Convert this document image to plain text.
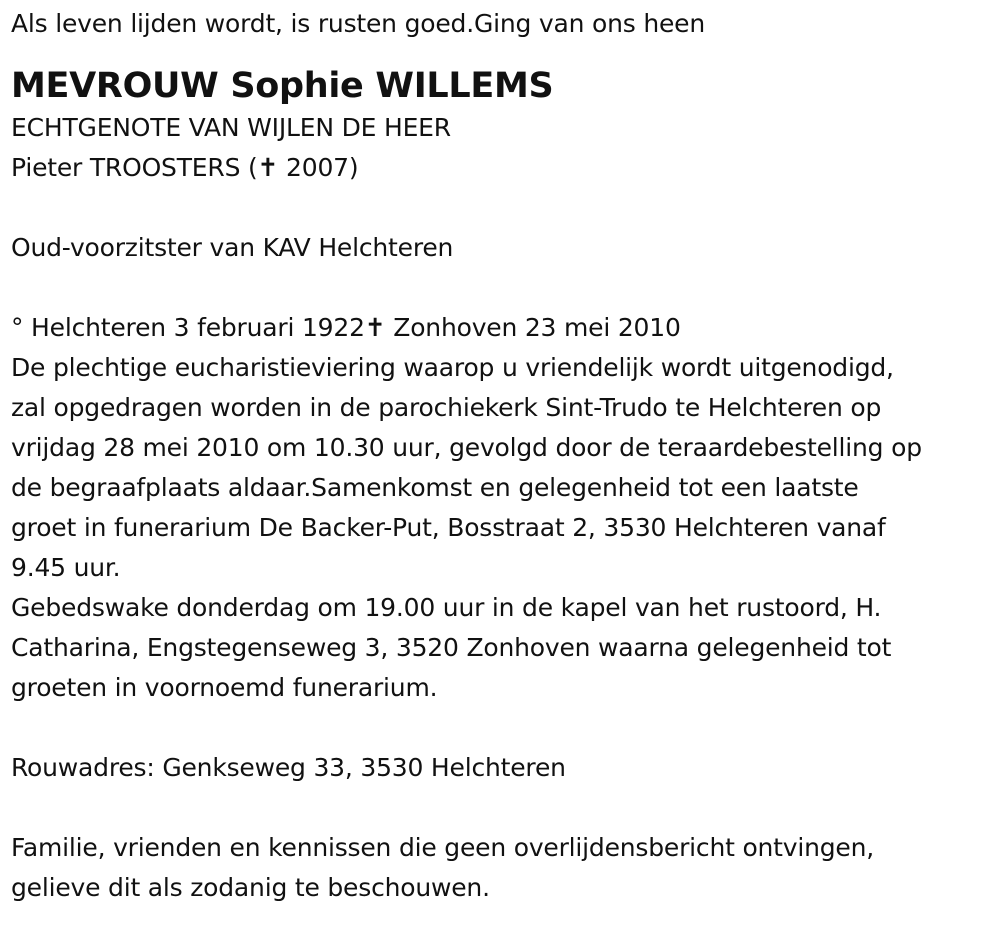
Als leven lijden wordt, is rusten goed.Ging van ons heen
MEVROUW Sophie WILLEMS
ECHTGENOTE VAN WIJLEN DE HEER
Pieter TROOSTERS (✝ 2007)
Oud-voorzitster van KAV Helchteren
° Helchteren 3 februari 1922✝ Zonhoven 23 mei 2010
De plechtige eucharistieviering waarop u vriendelijk wordt uitgenodigd,
zal opgedragen worden in de parochiekerk Sint-Trudo te Helchteren op
vrijdag 28 mei 2010 om 10.30 uur, gevolgd door de teraardebestelling op
de begraafplaats aldaar.Samenkomst en gelegenheid tot een laatste
groet in funerarium De Backer-Put, Bosstraat 2, 3530 Helchteren vanaf
9.45 uur.
Gebedswake donderdag om 19.00 uur in de kapel van het rustoord, H.
Catharina, Engstegenseweg 3, 3520 Zonhoven waarna gelegenheid tot
groeten in voornoemd funerarium.
Rouwadres: Genkseweg 33, 3530 Helchteren
Familie, vrienden en kennissen die geen overlijdensbericht ontvingen,
gelieve dit als zodanig te beschouwen.
